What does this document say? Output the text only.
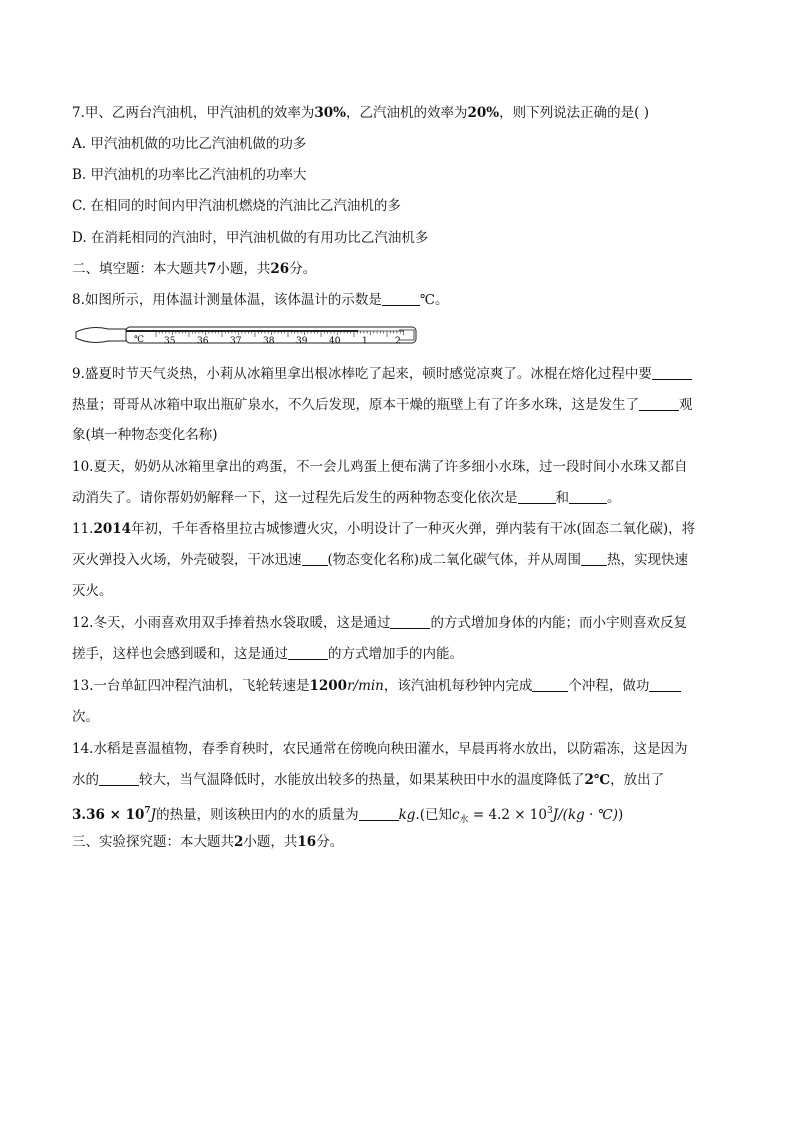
7.甲、乙两台汽油机，甲汽油机的效率为30%，乙汽油机的效率为20%，则下列说法正确的是( )
A. 甲汽油机做的功比乙汽油机做的功多
B. 甲汽油机的功率比乙汽油机的功率大
C. 在相同的时间内甲汽油机燃烧的汽油比乙汽油机的多
D. 在消耗相同的汽油时，甲汽油机做的有用功比乙汽油机多
二、填空题：本大题共7小题，共26分。
8.如图所示，用体温计测量体温，该体温计的示数是	℃。
℃ 35 36 37 38 39 40 1	2
9.盛夏时节天气炎热，小莉从冰箱里拿出根冰棒吃了起来，顿时感觉凉爽了。冰棍在熔化过程中要
热量；哥哥从冰箱中取出瓶矿泉水，不久后发现，原本干燥的瓶壁上有了许多水珠，这是发生了	观
象(填一种物态变化名称)
10.夏天，奶奶从冰箱里拿出的鸡蛋，不一会儿鸡蛋上便布满了许多细小水珠，过一段时间小水珠又都自
动消失了。请你帮奶奶解释一下，这一过程先后发生的两种物态变化依次是	和	。
11.2014年初，千年香格里拉古城惨遭火灾，小明设计了一种灭火弹，弹内装有干冰(固态二氧化碳)，将
灭火弹投入火场，外壳破裂，干冰迅速 (物态变化名称)成二氧化碳气体，并从周围 热，实现快速
灭火。
12.冬天，小雨喜欢用双手捧着热水袋取暖，这是通过	的方式增加身体的内能；而小宇则喜欢反复
搓手，这样也会感到暖和，这是通过	的方式增加手的内能。
13.一台单缸四冲程汽油机，飞轮转速是1200r/min，该汽油机每秒钟内完成	个冲程，做功
次。
14.水稻是喜温植物，春季育秧时，农民通常在傍晚向秧田灌水，早晨再将水放出，以防霜冻，这是因为
水的	较大，当气温降低时，水能放出较多的热量，如果某秧田中水的温度降低了2℃，放出了
$3.36 \times 10^7J$的热量，则该秧田内的水的质量为	kg.(已知$c_水 = 4.2 \times 10^3J/(kg$ · ℃))
三、实验探究题：本大题共2小题，共16分。
